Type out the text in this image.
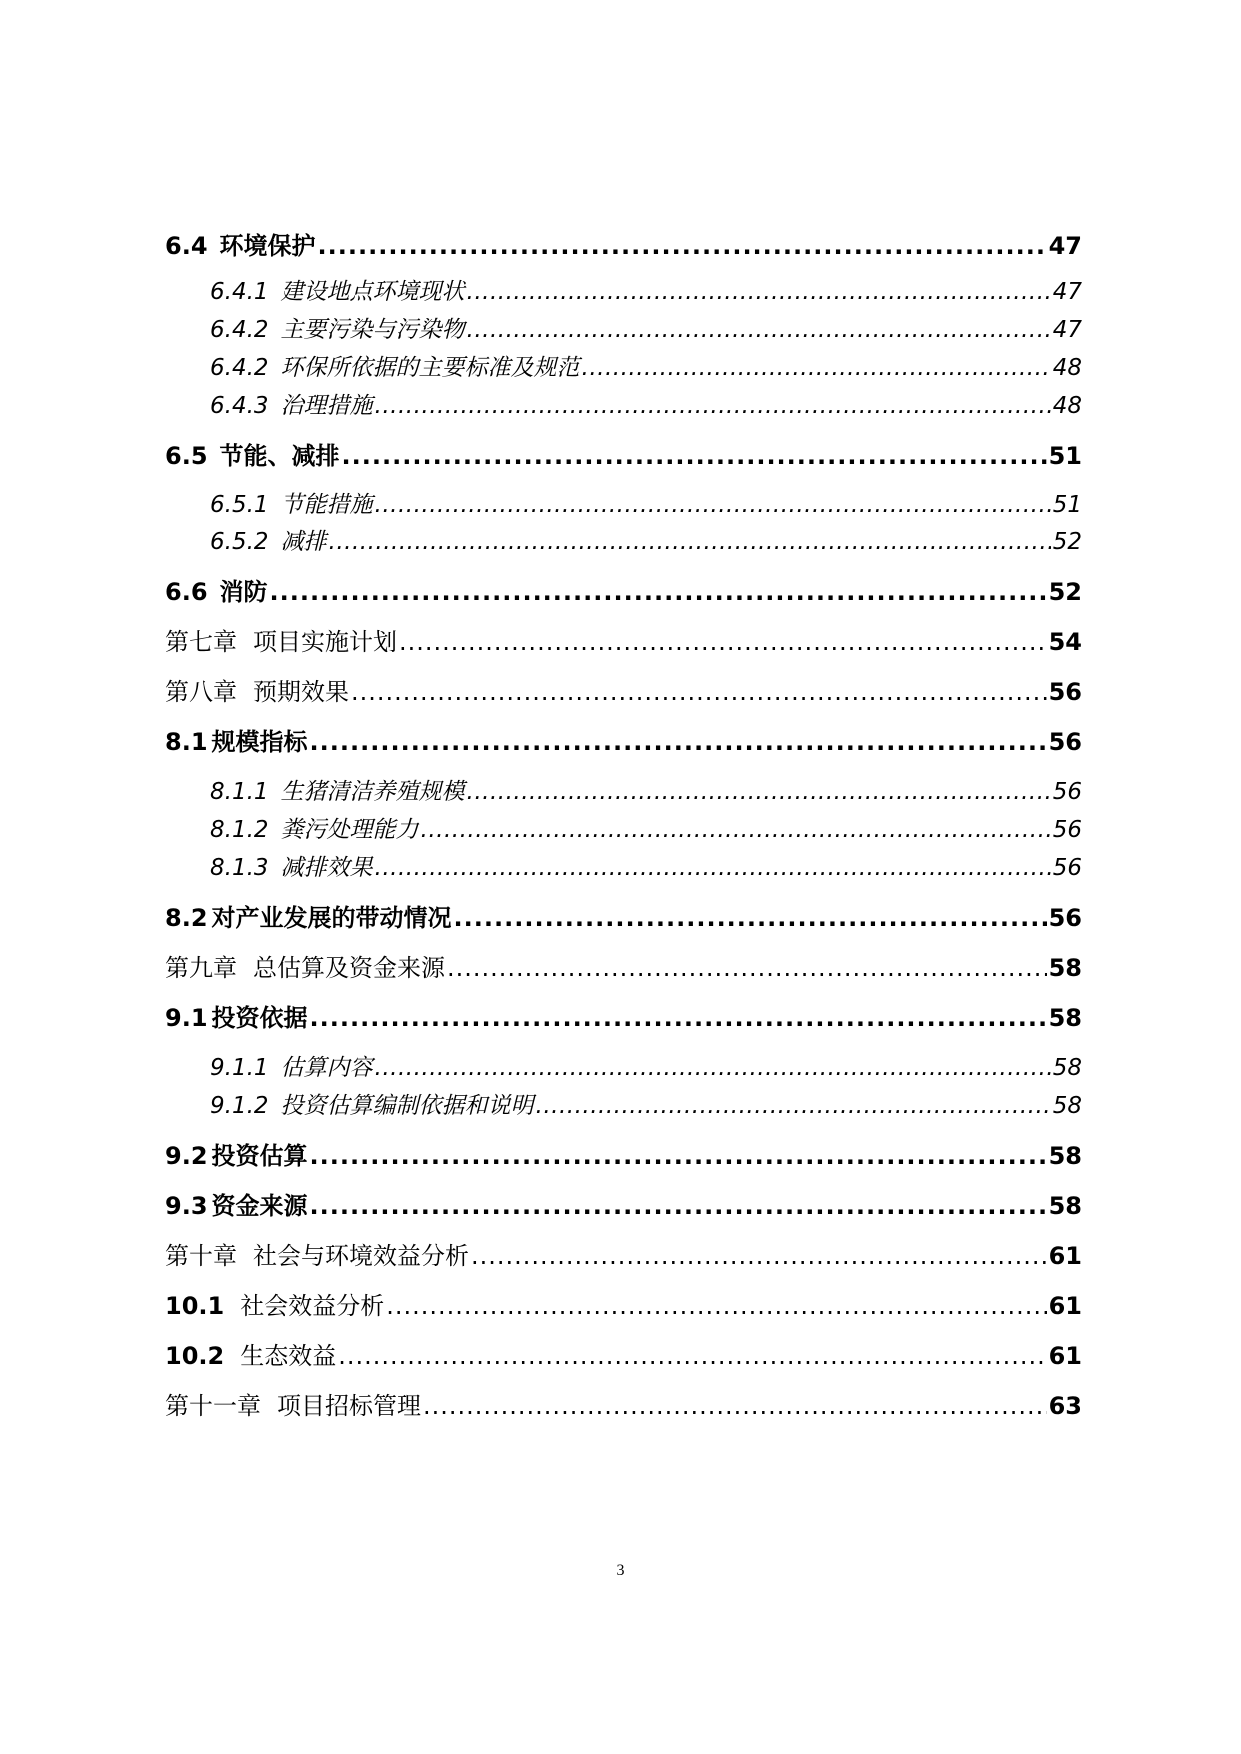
6.4 环境保护 .....	47
6.4.1 建设地点环境现状 .....	47
6.4.2 主要污染与污染物 .....	47
6.4.2 环保所依据的主要标准及规范 .....	48
6.4.3 治理措施 .....	48
6.5 节能、减排 .....	51
6.5.1 节能措施 .....	51
6.5.2 减排 .....	52
6.6 消防 .....	52
第七章 项目实施计划 .....	54
第八章 预期效果 .....	56
8.1 规模指标 .....	56
8.1.1 生猪清洁养殖规模 .....	56
8.1.2 粪污处理能力 .....	56
8.1.3 减排效果 .....	56
8.2 对产业发展的带动情况 .....	56
第九章 总估算及资金来源 .....	58
9.1 投资依据 .....	58
9.1.1 估算内容 .....	58
9.1.2 投资估算编制依据和说明 .....	58
9.2 投资估算 .....	58
9.3 资金来源 .....	58
第十章 社会与环境效益分析 .....	61
10.1 社会效益分析 .....	61
10.2 生态效益 .....	61
第十一章 项目招标管理 .....	63
3
